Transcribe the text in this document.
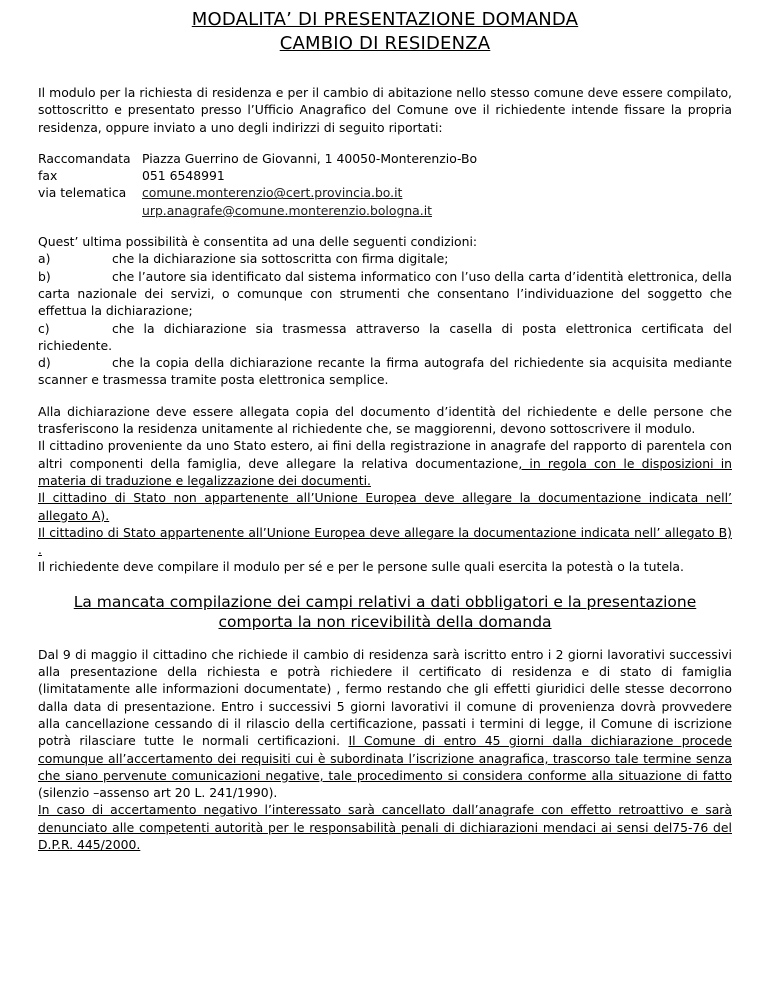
MODALITA’ DI PRESENTAZIONE DOMANDA
CAMBIO DI RESIDENZA

Il modulo per la richiesta di residenza e per il cambio di abitazione nello stesso comune deve essere compilato, sottoscritto e presentato presso l’Ufficio Anagrafico del Comune ove il richiedente intende fissare la propria residenza, oppure inviato a uno degli indirizzi di seguito riportati:

Raccomandata Piazza Guerrino de Giovanni, 1 40050-Monterenzio-Bo
fax	051 6548991
via telematica	comune.monterenzio@cert.provincia.bo.it
urp.anagrafe@comune.monterenzio.bologna.it

Quest’ ultima possibilità è consentita ad una delle seguenti condizioni:

a)	che la dichiarazione sia sottoscritta con firma digitale;
b)	che l’autore sia identificato dal sistema informatico con l’uso della carta d’identità elettronica, della carta nazionale dei servizi, o comunque con strumenti che consentano l’individuazione del soggetto che effettua la dichiarazione;
c)	che la dichiarazione sia trasmessa attraverso la casella di posta elettronica certificata del richiedente.
d)	che la copia della dichiarazione recante la firma autografa del richiedente sia acquisita mediante scanner e trasmessa tramite posta elettronica semplice.

Alla dichiarazione deve essere allegata copia del documento d’identità del richiedente e delle persone che trasferiscono la residenza unitamente al richiedente che, se maggiorenni, devono sottoscrivere il modulo.

Il cittadino proveniente da uno Stato estero, ai fini della registrazione in anagrafe del rapporto di parentela con altri componenti della famiglia, deve allegare la relativa documentazione, in regola con le disposizioni in materia di traduzione e legalizzazione dei documenti.

Il cittadino di Stato non appartenente all’Unione Europea deve allegare la documentazione indicata nell’ allegato A).

Il cittadino di Stato appartenente all’Unione Europea deve allegare la documentazione indicata nell’ allegato B) .

Il richiedente deve compilare il modulo per sé e per le persone sulle quali esercita la potestà o la tutela.

La mancata compilazione dei campi relativi a dati obbligatori e la presentazione
comporta la non ricevibilità della domanda

Dal 9 di maggio il cittadino che richiede il cambio di residenza sarà iscritto entro i 2 giorni lavorativi successivi alla presentazione della richiesta e potrà richiedere il certificato di residenza e di stato di famiglia (limitatamente alle informazioni documentate) , fermo restando che gli effetti giuridici delle stesse decorrono dalla data di presentazione. Entro i successivi 5 giorni lavorativi il comune di provenienza dovrà provvedere alla cancellazione cessando di il rilascio della certificazione, passati i termini di legge, il Comune di iscrizione potrà rilasciare tutte le normali certificazioni. Il Comune di entro 45 giorni dalla dichiarazione procede comunque all’accertamento dei requisiti cui è subordinata l’iscrizione anagrafica, trascorso tale termine senza che siano pervenute comunicazioni negative, tale procedimento si considera conforme alla situazione di fatto (silenzio –assenso art 20 L. 241/1990).

In caso di accertamento negativo l’interessato sarà cancellato dall’anagrafe con effetto retroattivo e sarà denunciato alle competenti autorità per le responsabilità penali di dichiarazioni mendaci ai sensi del75-76 del D.P.R. 445/2000.
